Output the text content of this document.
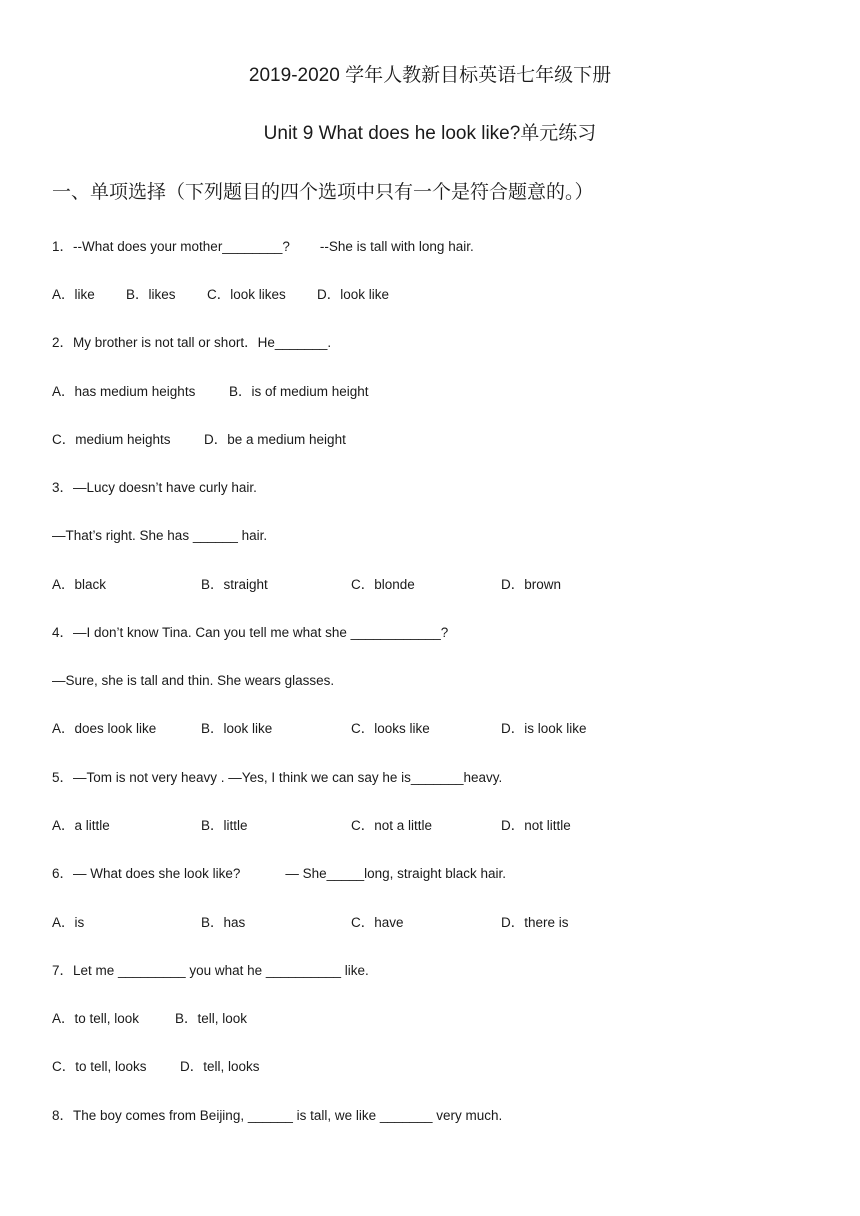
2019-2020 学年人教新目标英语七年级下册
Unit 9 What does he look like?单元练习
一、单项选择（下列题目的四个选项中只有一个是符合题意的。）
1．--What does your mother________?        --She is tall with long hair.
A．like B．likes C．look likes D．look like
2．My brother is not tall or short．He_______.
A．has medium heights B．is of medium height
C．medium heights D．be a medium height
3．—Lucy doesn’t have curly hair.
—That’s right. She has ______ hair.
A．black	B．straight	C．blonde	D．brown
4．—I don’t know Tina. Can you tell me what she ____________?
—Sure, she is tall and thin. She wears glasses.
A．does look like	B．look like	C．looks like	D．is look like
5．—Tom is not very heavy . —Yes, I think we can say he is_______heavy.
A．a little	B．little	C．not a little	D．not little
6．— What does she look like?            — She_____long, straight black hair.
A．is	B．has	C．have	D．there is
7．Let me _________ you what he __________ like.
A．to tell, look	B．tell, look
C．to tell, looks D．tell, looks
8．The boy comes from Beijing, ______ is tall, we like _______ very much.
